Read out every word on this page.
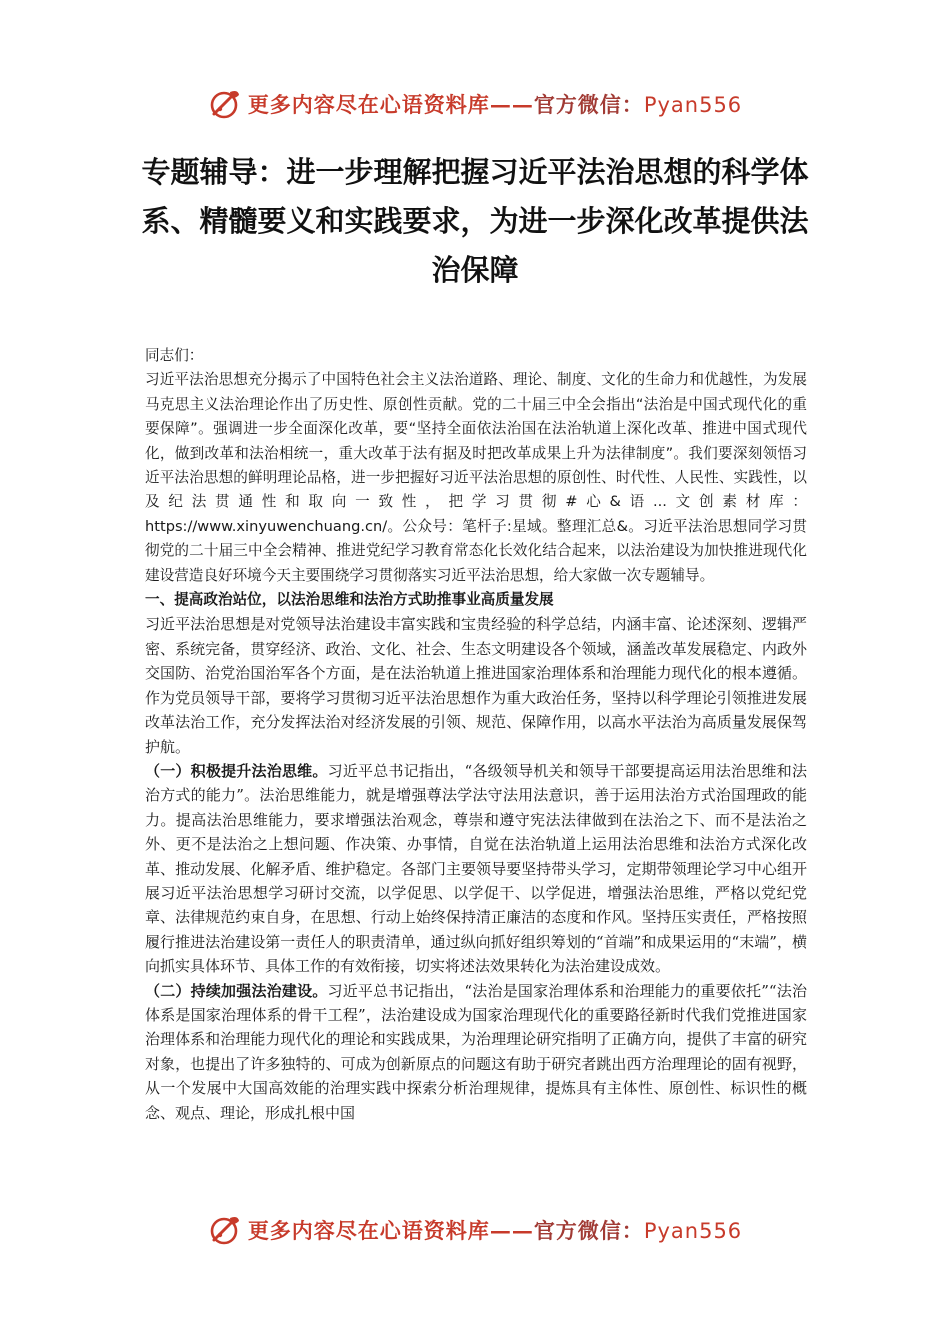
更多内容尽在心语资料库——官方微信：Pyan556
专题辅导：进一步理解把握习近平法治思想的科学体系、精髓要义和实践要求，为进一步深化改革提供法治保障

同志们：

习近平法治思想充分揭示了中国特色社会主义法治道路、理论、制度、文化的生命力和优越性，为发展马克思主义法治理论作出了历史性、原创性贡献。党的二十届三中全会指出“法治是中国式现代化的重要保障”。强调进一步全面深化改革，要“坚持全面依法治国在法治轨道上深化改革、推进中国式现代化，做到改革和法治相统一，重大改革于法有据及时把改革成果上升为法律制度”。我们要深刻领悟习近平法治思想的鲜明理论品格，进一步把握好习近平法治思想的原创性、时代性、人民性、实践性，以及纪法贯通性和取向一致性，把学习贯彻#心&语...文创素材库：https://www.xinyuwenchuang.cn/。公众号：笔杆子:星域。整理汇总&。习近平法治思想同学习贯彻党的二十届三中全会精神、推进党纪学习教育常态化长效化结合起来，以法治建设为加快推进现代化建设营造良好环境今天主要围绕学习贯彻落实习近平法治思想，给大家做一次专题辅导。

一、提高政治站位，以法治思维和法治方式助推事业高质量发展

习近平法治思想是对党领导法治建设丰富实践和宝贵经验的科学总结，内涵丰富、论述深刻、逻辑严密、系统完备，贯穿经济、政治、文化、社会、生态文明建设各个领域，涵盖改革发展稳定、内政外交国防、治党治国治军各个方面，是在法治轨道上推进国家治理体系和治理能力现代化的根本遵循。作为党员领导干部，要将学习贯彻习近平法治思想作为重大政治任务，坚持以科学理论引领推进发展改革法治工作，充分发挥法治对经济发展的引领、规范、保障作用，以高水平法治为高质量发展保驾护航。

（一）积极提升法治思维。习近平总书记指出，“各级领导机关和领导干部要提高运用法治思维和法治方式的能力”。法治思维能力，就是增强尊法学法守法用法意识，善于运用法治方式治国理政的能力。提高法治思维能力，要求增强法治观念，尊崇和遵守宪法法律做到在法治之下、而不是法治之外、更不是法治之上想问题、作决策、办事情，自觉在法治轨道上运用法治思维和法治方式深化改革、推动发展、化解矛盾、维护稳定。各部门主要领导要坚持带头学习，定期带领理论学习中心组开展习近平法治思想学习研讨交流，以学促思、以学促干、以学促进，增强法治思维，严格以党纪党章、法律规范约束自身，在思想、行动上始终保持清正廉洁的态度和作风。坚持压实责任，严格按照履行推进法治建设第一责任人的职责清单，通过纵向抓好组织筹划的“首端”和成果运用的“末端”，横向抓实具体环节、具体工作的有效衔接，切实将述法效果转化为法治建设成效。

（二）持续加强法治建设。习近平总书记指出，“法治是国家治理体系和治理能力的重要依托”“法治体系是国家治理体系的骨干工程”，法治建设成为国家治理现代化的重要路径新时代我们党推进国家治理体系和治理能力现代化的理论和实践成果，为治理理论研究指明了正确方向，提供了丰富的研究对象，也提出了许多独特的、可成为创新原点的问题这有助于研究者跳出西方治理理论的固有视野，从一个发展中大国高效能的治理实践中探索分析治理规律，提炼具有主体性、原创性、标识性的概念、观点、理论，形成扎根中国

更多内容尽在心语资料库——官方微信：Pyan556
